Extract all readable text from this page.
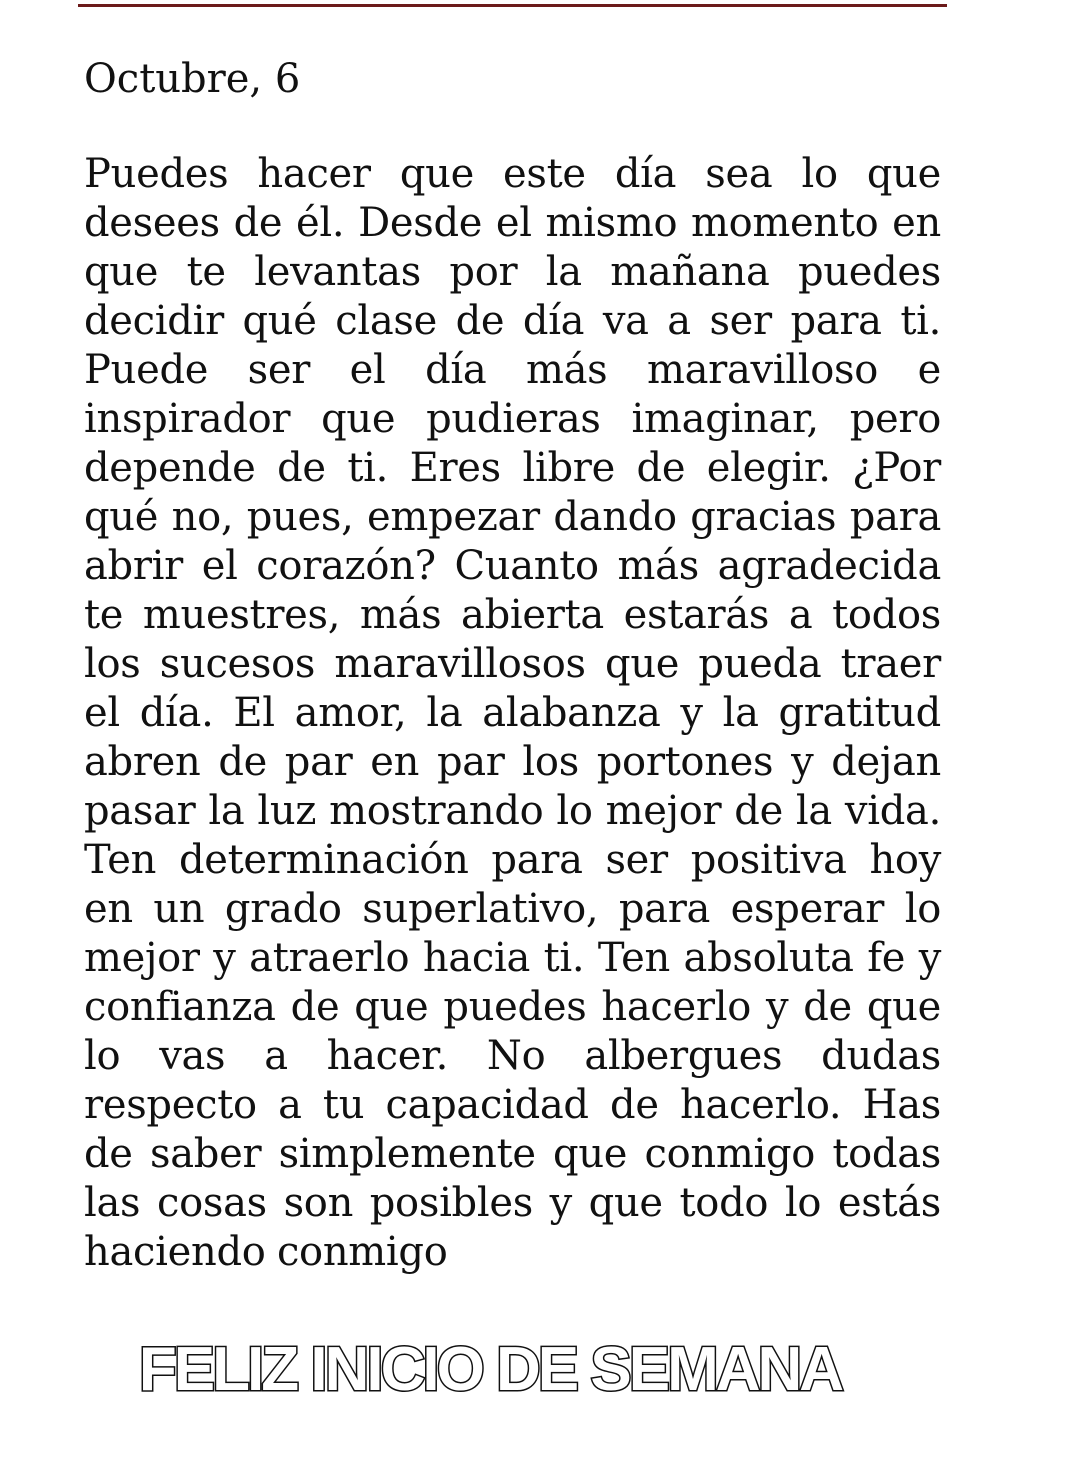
Octubre, 6

Puedes hacer que este día sea lo que desees de él. Desde el mismo momento en que te levantas por la mañana puedes decidir qué clase de día va a ser para ti. Puede ser el día más maravilloso e inspirador que pudieras imaginar, pero depende de ti. Eres libre de elegir. ¿Por qué no, pues, empezar dando gracias para abrir el corazón? Cuanto más agradecida te muestres, más abierta estarás a todos los sucesos maravillosos que pueda traer el día. El amor, la alabanza y la gratitud abren de par en par los portones y dejan pasar la luz mostrando lo mejor de la vida. Ten determinación para ser positiva hoy en un grado superlativo, para esperar lo mejor y atraerlo hacia ti. Ten absoluta fe y confianza de que puedes hacerlo y de que lo vas a hacer. No albergues dudas respecto a tu capacidad de hacerlo. Has de saber simplemente que conmigo todas las cosas son posibles y que todo lo estás haciendo conmigo

FELIZ INICIO DE SEMANA
